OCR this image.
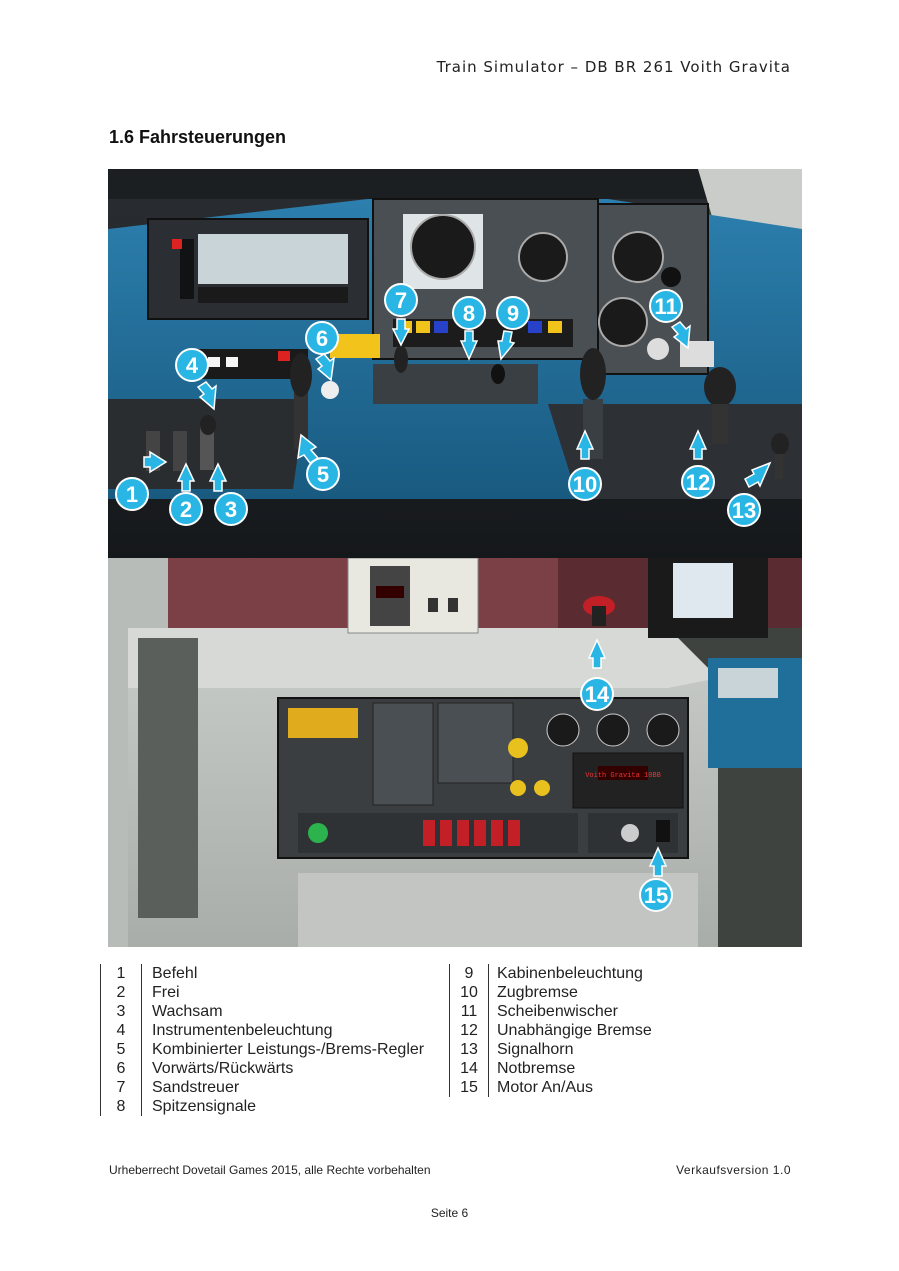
Train Simulator – DB BR 261 Voith Gravita
1.6 Fahrsteuerungen
1
2 3
4
5
6
7
8 9
10
11
12
13
Voith Gravita 10BB
14
15
1	Befehl
2	Frei
3	Wachsam
4	Instrumentenbeleuchtung
5	Kombinierter Leistungs-/Brems-Regler
6	Vorwärts/Rückwärts
7	Sandstreuer
8	Spitzensignale
9	Kabinenbeleuchtung
10	Zugbremse
11	Scheibenwischer
12	Unabhängige Bremse
13	Signalhorn
14	Notbremse
15	Motor An/Aus
Urheberrecht Dovetail Games 2015, alle Rechte vorbehalten	Verkaufsversion 1.0
Seite 6
